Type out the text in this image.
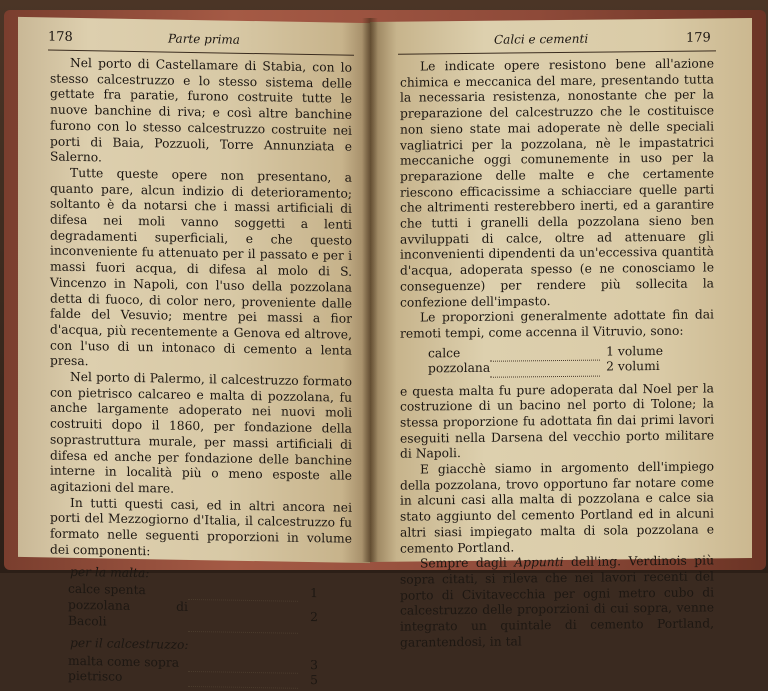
178	Parte prima

Nel porto di Castellamare di Stabia, con lo stesso calcestruzzo e lo stesso sistema delle gettate fra paratie, furono costruite tutte le nuove banchine di riva; e così altre banchine furono con lo stesso calcestruzzo costruite nei porti di Baia, Pozzuoli, Torre Annunziata e Salerno.

Tutte queste opere non presentano, a quanto pare, alcun indizio di deterioramento; soltanto è da notarsi che i massi artificiali di difesa nei moli vanno soggetti a lenti degradamenti superficiali, e che questo inconveniente fu attenuato per il passato e per i massi fuori acqua, di difesa al molo di S. Vincenzo in Napoli, con l'uso della pozzolana detta di fuoco, di color nero, proveniente dalle falde del Vesuvio; mentre pei massi a fior d'acqua, più recentemente a Genova ed altrove, con l'uso di un intonaco di cemento a lenta presa.

Nel porto di Palermo, il calcestruzzo formato con pietrisco calcareo e malta di pozzolana, fu anche largamente adoperato nei nuovi moli costruiti dopo il 1860, per fondazione della soprastruttura murale, per massi artificiali di difesa ed anche per fondazione delle banchine interne in località più o meno esposte alle agitazioni del mare.

In tutti questi casi, ed in altri ancora nei porti del Mezzogiorno d'Italia, il calcestruzzo fu formato nelle seguenti proporzioni in volume dei componenti:

per la malta:
calce spenta		1
pozzolana di Bacoli		2
per il calcestruzzo:
malta come sopra		3
pietrisco		5
Calci e cementi	179

Le indicate opere resistono bene all'azione chimica e meccanica del mare, presentando tutta la necessaria resistenza, nonostante che per la preparazione del calcestruzzo che le costituisce non sieno state mai adoperate nè delle speciali vagliatrici per la pozzolana, nè le impastatrici meccaniche oggi comunemente in uso per la preparazione delle malte e che certamente riescono efficacissime a schiacciare quelle parti che altrimenti resterebbero inerti, ed a garantire che tutti i granelli della pozzolana sieno ben avviluppati di calce, oltre ad attenuare gli inconvenienti dipendenti da un'eccessiva quantità d'acqua, adoperata spesso (e ne conosciamo le conseguenze) per rendere più sollecita la confezione dell'impasto.

Le proporzioni generalmente adottate fin dai remoti tempi, come accenna il Vitruvio, sono:

calce		1 volume
pozzolana		2 volumi

e questa malta fu pure adoperata dal Noel per la costruzione di un bacino nel porto di Tolone; la stessa proporzione fu adottata fin dai primi lavori eseguiti nella Darsena del vecchio porto militare di Napoli.

E giacchè siamo in argomento dell'impiego della pozzolana, trovo opportuno far notare come in alcuni casi alla malta di pozzolana e calce sia stato aggiunto del cemento Portland ed in alcuni altri siasi impiegato malta di sola pozzolana e cemento Portland.

Sempre dagli Appunti dell'ing. Verdinois più sopra citati, si rileva che nei lavori recenti del porto di Civitavecchia per ogni metro cubo di calcestruzzo delle proporzioni di cui sopra, venne integrato un quintale di cemento Portland, garantendosi, in tal
